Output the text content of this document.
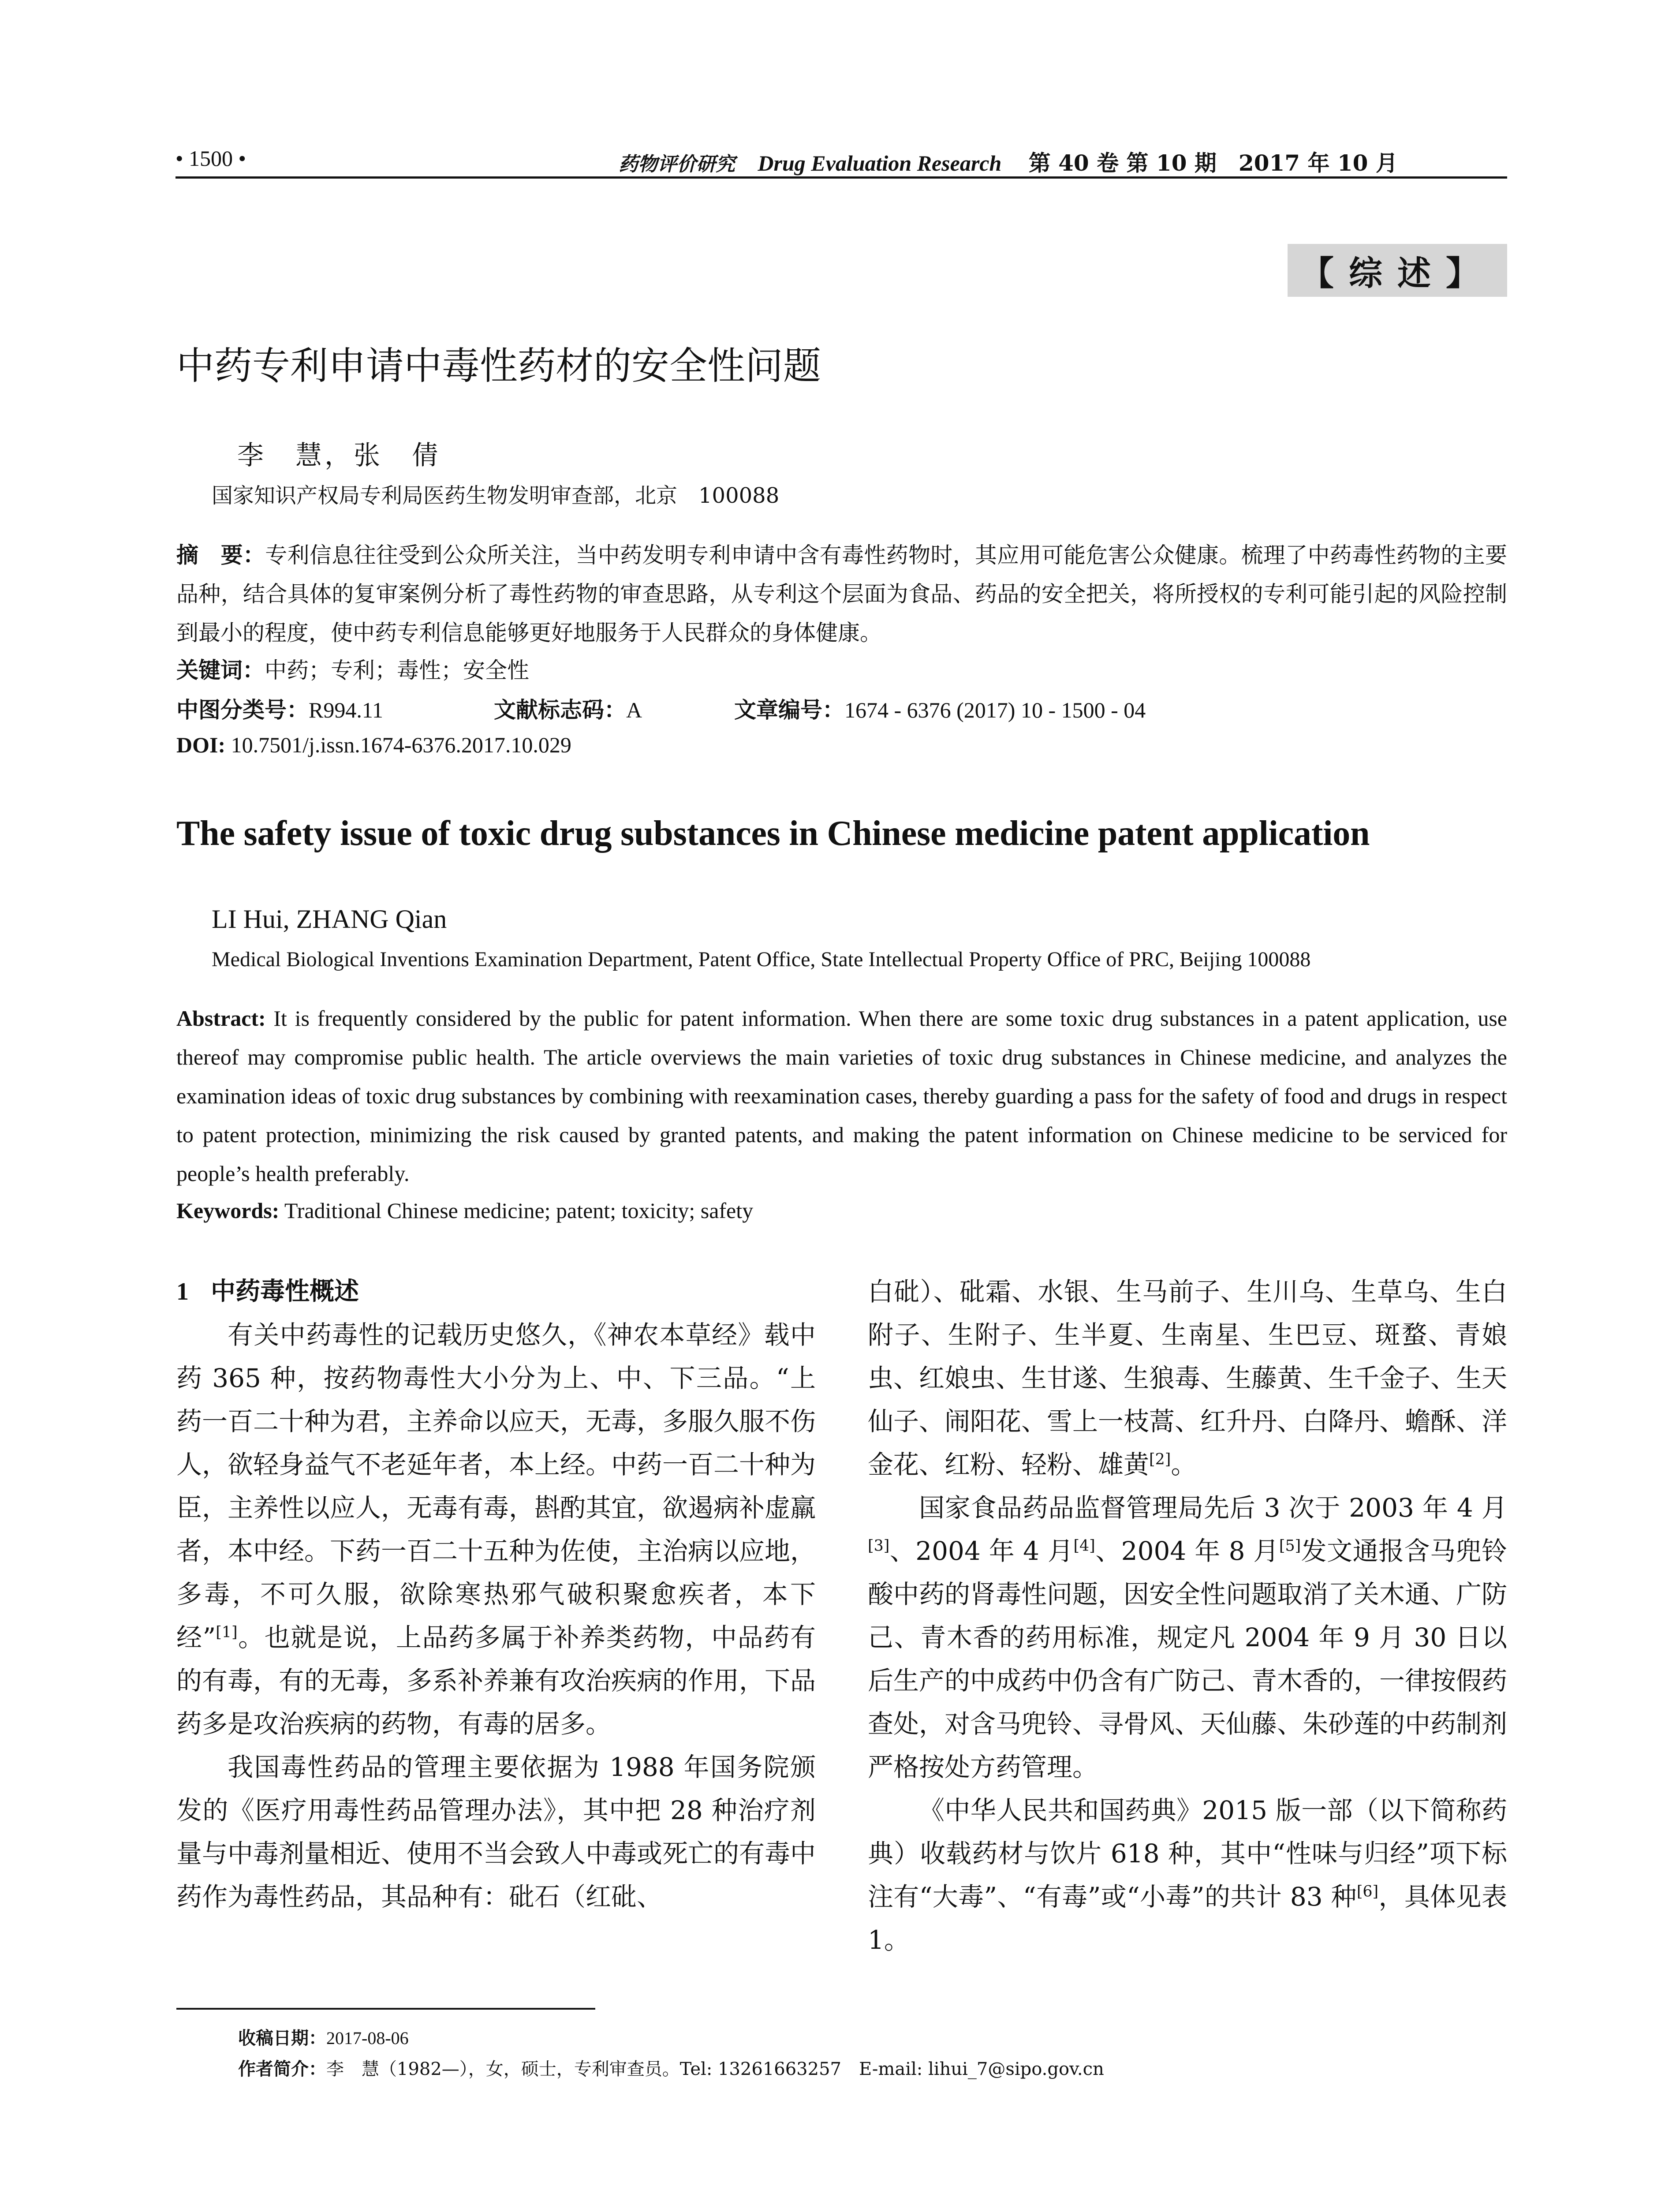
• 1500 •	药物评价研究 Drug Evaluation Research 第 40 卷 第 10 期　2017 年 10 月
【综述】
中药专利申请中毒性药材的安全性问题
李　慧，张　倩
国家知识产权局专利局医药生物发明审查部，北京　100088
摘　要：专利信息往往受到公众所关注，当中药发明专利申请中含有毒性药物时，其应用可能危害公众健康。梳理了中药毒性药物的主要品种，结合具体的复审案例分析了毒性药物的审查思路，从专利这个层面为食品、药品的安全把关，将所授权的专利可能引起的风险控制到最小的程度，使中药专利信息能够更好地服务于人民群众的身体健康。
关键词：中药；专利；毒性；安全性
中图分类号：R994.11	文献标志码：A	文章编号：1674 - 6376 (2017) 10 - 1500 - 04
DOI: 10.7501/j.issn.1674-6376.2017.10.029
The safety issue of toxic drug substances in Chinese medicine patent application
LI Hui, ZHANG Qian
Medical Biological Inventions Examination Department, Patent Office, State Intellectual Property Office of PRC, Beijing 100088
Abstract: It is frequently considered by the public for patent information. When there are some toxic drug substances in a patent application, use thereof may compromise public health. The article overviews the main varieties of toxic drug substances in Chinese medicine, and analyzes the examination ideas of toxic drug substances by combining with reexamination cases, thereby guarding a pass for the safety of food and drugs in respect to patent protection, minimizing the risk caused by granted patents, and making the patent information on Chinese medicine to be serviced for people’s health preferably.
Keywords: Traditional Chinese medicine; patent; toxicity; safety

1 中药毒性概述

有关中药毒性的记载历史悠久，《神农本草经》载中药 365 种，按药物毒性大小分为上、中、下三品。“上药一百二十种为君，主养命以应天，无毒，多服久服不伤人，欲轻身益气不老延年者，本上经。中药一百二十种为臣，主养性以应人，无毒有毒，斟酌其宜，欲遏病补虚羸者，本中经。下药一百二十五种为佐使，主治病以应地，多毒，不可久服，欲除寒热邪气破积聚愈疾者，本下经”[1]。也就是说，上品药多属于补养类药物，中品药有的有毒，有的无毒，多系补养兼有攻治疾病的作用，下品药多是攻治疾病的药物，有毒的居多。

我国毒性药品的管理主要依据为 1988 年国务院颁发的《医疗用毒性药品管理办法》，其中把 28 种治疗剂量与中毒剂量相近、使用不当会致人中毒或死亡的有毒中药作为毒性药品，其品种有：砒石（红砒、

白砒）、砒霜、水银、生马前子、生川乌、生草乌、生白附子、生附子、生半夏、生南星、生巴豆、斑蝥、青娘虫、红娘虫、生甘遂、生狼毒、生藤黄、生千金子、生天仙子、闹阳花、雪上一枝蒿、红升丹、白降丹、蟾酥、洋金花、红粉、轻粉、雄黄[2]。

国家食品药品监督管理局先后 3 次于 2003 年 4 月[3]、2004 年 4 月[4]、2004 年 8 月[5]发文通报含马兜铃酸中药的肾毒性问题，因安全性问题取消了关木通、广防己、青木香的药用标准，规定凡 2004 年 9 月 30 日以后生产的中成药中仍含有广防己、青木香的，一律按假药查处，对含马兜铃、寻骨风、天仙藤、朱砂莲的中药制剂严格按处方药管理。

《中华人民共和国药典》2015 版一部（以下简称药典）收载药材与饮片 618 种，其中“性味与归经”项下标注有“大毒”、“有毒”或“小毒”的共计 83 种[6]，具体见表 1。

收稿日期：2017-08-06
作者简介：李　慧（1982—），女，硕士，专利审查员。Tel: 13261663257　E-mail: lihui_7@sipo.gov.cn
